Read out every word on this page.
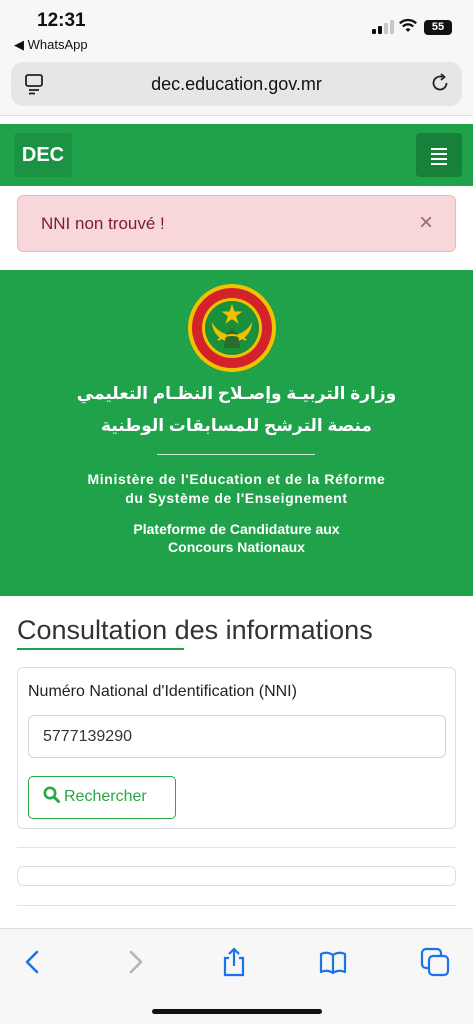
12:31
◀ WhatsApp
55
dec.education.gov.mr
DEC
NNI non trouvé !	×
وزارة التربيـة وإصـلاح النظـام التعليمي
منصة الترشح للمسابقات الوطنية
Ministère de l'Education et de la Réforme
du Système de l'Enseignement
Plateforme de Candidature aux
Concours Nationaux
Consultation des informations
Numéro National d'Identification (NNI)
5777139290
Rechercher
